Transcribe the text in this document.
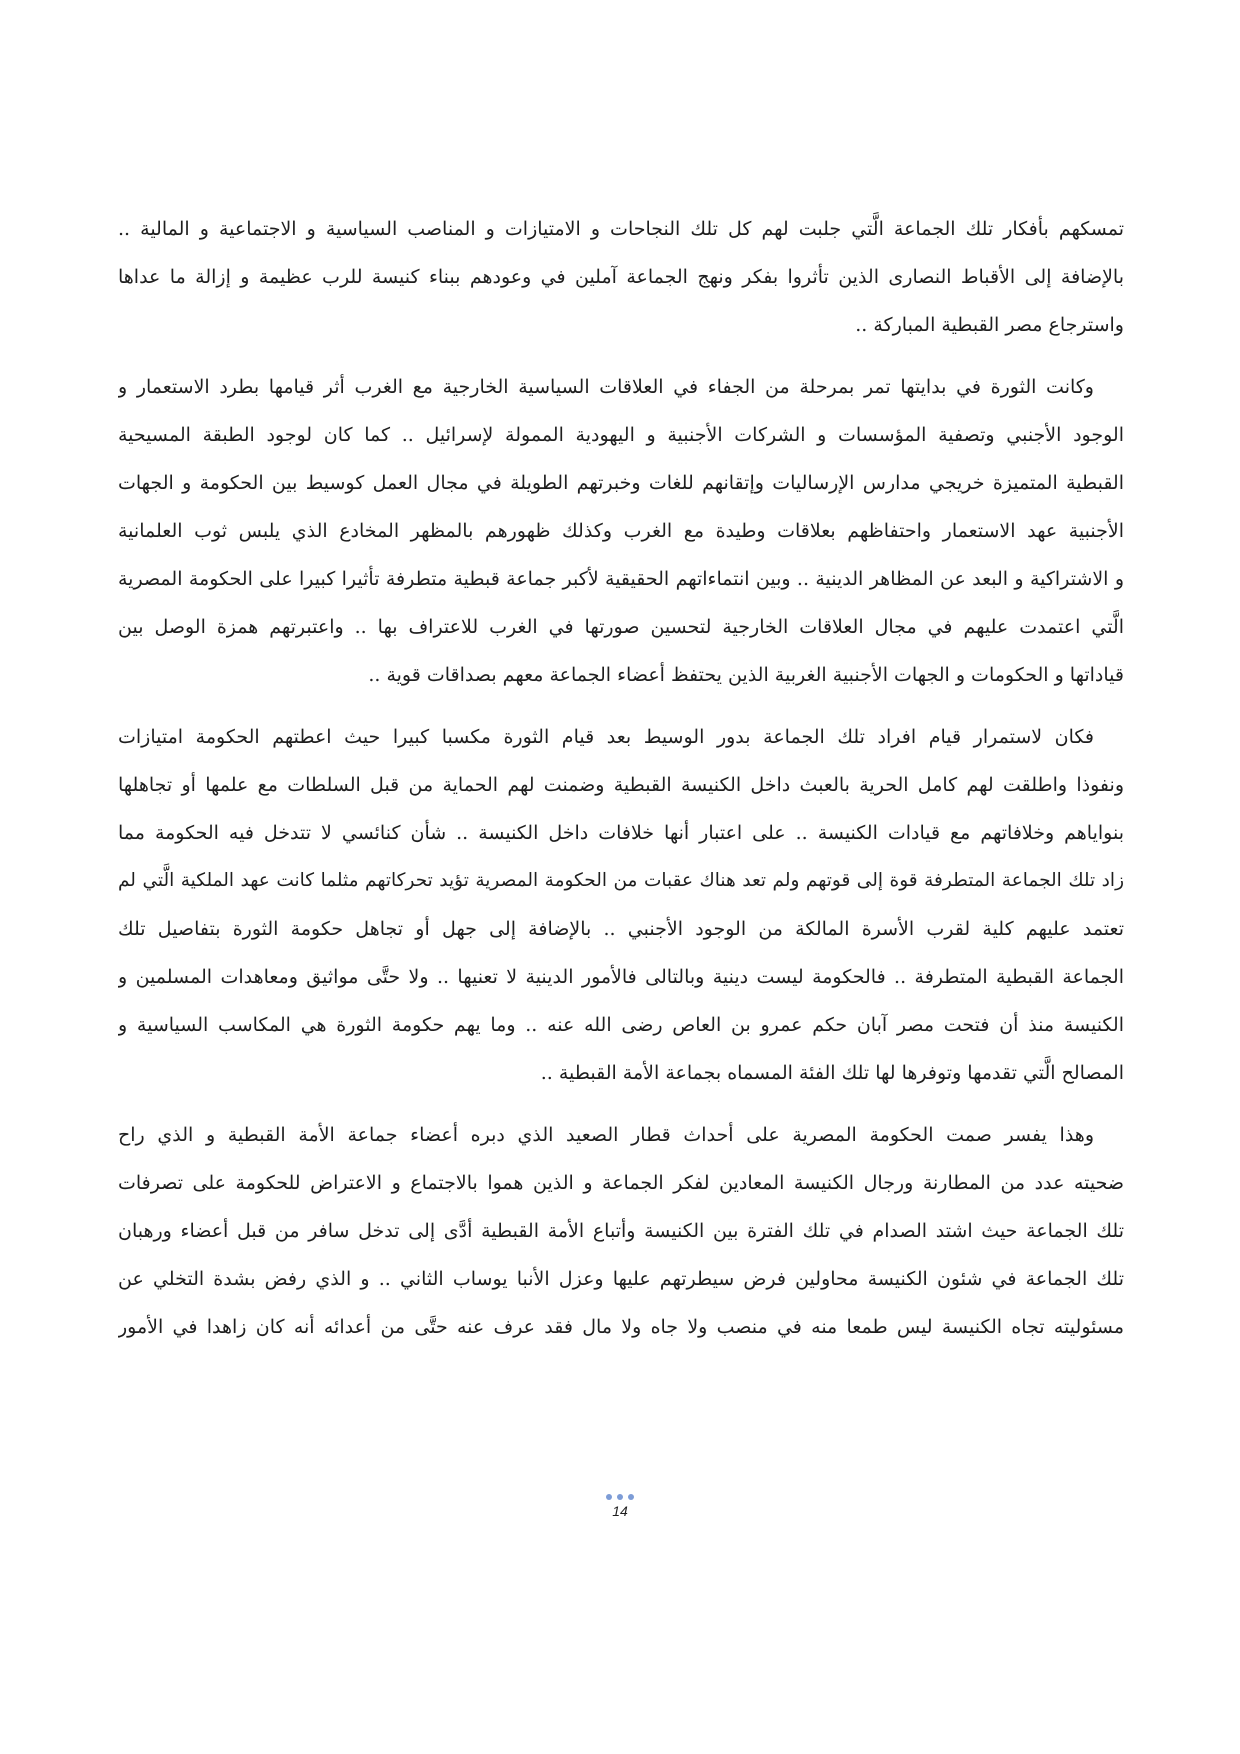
تمسكهم بأفكار تلك الجماعة الَّتي جلبت لهم كل تلك النجاحات و الامتيازات و المناصب السياسية و الاجتماعية و المالية ..
بالإضافة إلى الأقباط النصارى الذين تأثروا بفكر ونهج الجماعة آملين في وعودهم ببناء كنيسة للرب عظيمة و إزالة ما عداها
واسترجاع مصر القبطية المباركة ..
وكانت الثورة في بدايتها تمر بمرحلة من الجفاء في العلاقات السياسية الخارجية مع الغرب أثر قيامها بطرد الاستعمار و
الوجود الأجنبي وتصفية المؤسسات و الشركات الأجنبية و اليهودية الممولة لإسرائيل .. كما كان لوجود الطبقة المسيحية
القبطية المتميزة خريجي مدارس الإرساليات وإتقانهم للغات وخبرتهم الطويلة في مجال العمل كوسيط بين الحكومة و الجهات
الأجنبية عهد الاستعمار واحتفاظهم بعلاقات وطيدة مع الغرب وكذلك ظهورهم بالمظهر المخادع الذي يلبس ثوب العلمانية
و الاشتراكية و البعد عن المظاهر الدينية .. وبين انتماءاتهم الحقيقية لأكبر جماعة قبطية متطرفة تأثيرا كبيرا على الحكومة المصرية
الَّتي اعتمدت عليهم في مجال العلاقات الخارجية لتحسين صورتها في الغرب للاعتراف بها .. واعتبرتهم همزة الوصل بين
قياداتها و الحكومات و الجهات الأجنبية الغربية الذين يحتفظ أعضاء الجماعة معهم بصداقات قوية ..
فكان لاستمرار قيام افراد تلك الجماعة بدور الوسيط بعد قيام الثورة مكسبا كبيرا حيث اعطتهم الحكومة امتيازات
ونفوذا واطلقت لهم كامل الحرية بالعبث داخل الكنيسة القبطية وضمنت لهم الحماية من قبل السلطات مع علمها أو تجاهلها
بنواياهم وخلافاتهم مع قيادات الكنيسة .. على اعتبار أنها خلافات داخل الكنيسة .. شأن كنائسي لا تتدخل فيه الحكومة مما
زاد تلك الجماعة المتطرفة قوة إلى قوتهم ولم تعد هناك عقبات من الحكومة المصرية تؤيد تحركاتهم مثلما كانت عهد الملكية الَّتي لم
تعتمد عليهم كلية لقرب الأسرة المالكة من الوجود الأجنبي .. بالإضافة إلى جهل أو تجاهل حكومة الثورة بتفاصيل تلك
الجماعة القبطية المتطرفة .. فالحكومة ليست دينية وبالتالى فالأمور الدينية لا تعنيها .. ولا حتَّى مواثيق ومعاهدات المسلمين و
الكنيسة منذ أن فتحت مصر آبان حكم عمرو بن العاص رضى الله عنه .. وما يهم حكومة الثورة هي المكاسب السياسية و
المصالح الَّتي تقدمها وتوفرها لها تلك الفئة المسماه بجماعة الأمة القبطية ..
وهذا يفسر صمت الحكومة المصرية على أحداث قطار الصعيد الذي دبره أعضاء جماعة الأمة القبطية و الذي راح
ضحيته عدد من المطارنة ورجال الكنيسة المعادين لفكر الجماعة و الذين هموا بالاجتماع و الاعتراض للحكومة على تصرفات
تلك الجماعة حيث اشتد الصدام في تلك الفترة بين الكنيسة وأتباع الأمة القبطية أدَّى إلى تدخل سافر من قبل أعضاء ورهبان
تلك الجماعة في شئون الكنيسة محاولين فرض سيطرتهم عليها وعزل الأنبا يوساب الثاني .. و الذي رفض بشدة التخلي عن
مسئوليته تجاه الكنيسة ليس طمعا منه في منصب ولا جاه ولا مال فقد عرف عنه حتَّى من أعدائه أنه كان زاهدا في الأمور
14
